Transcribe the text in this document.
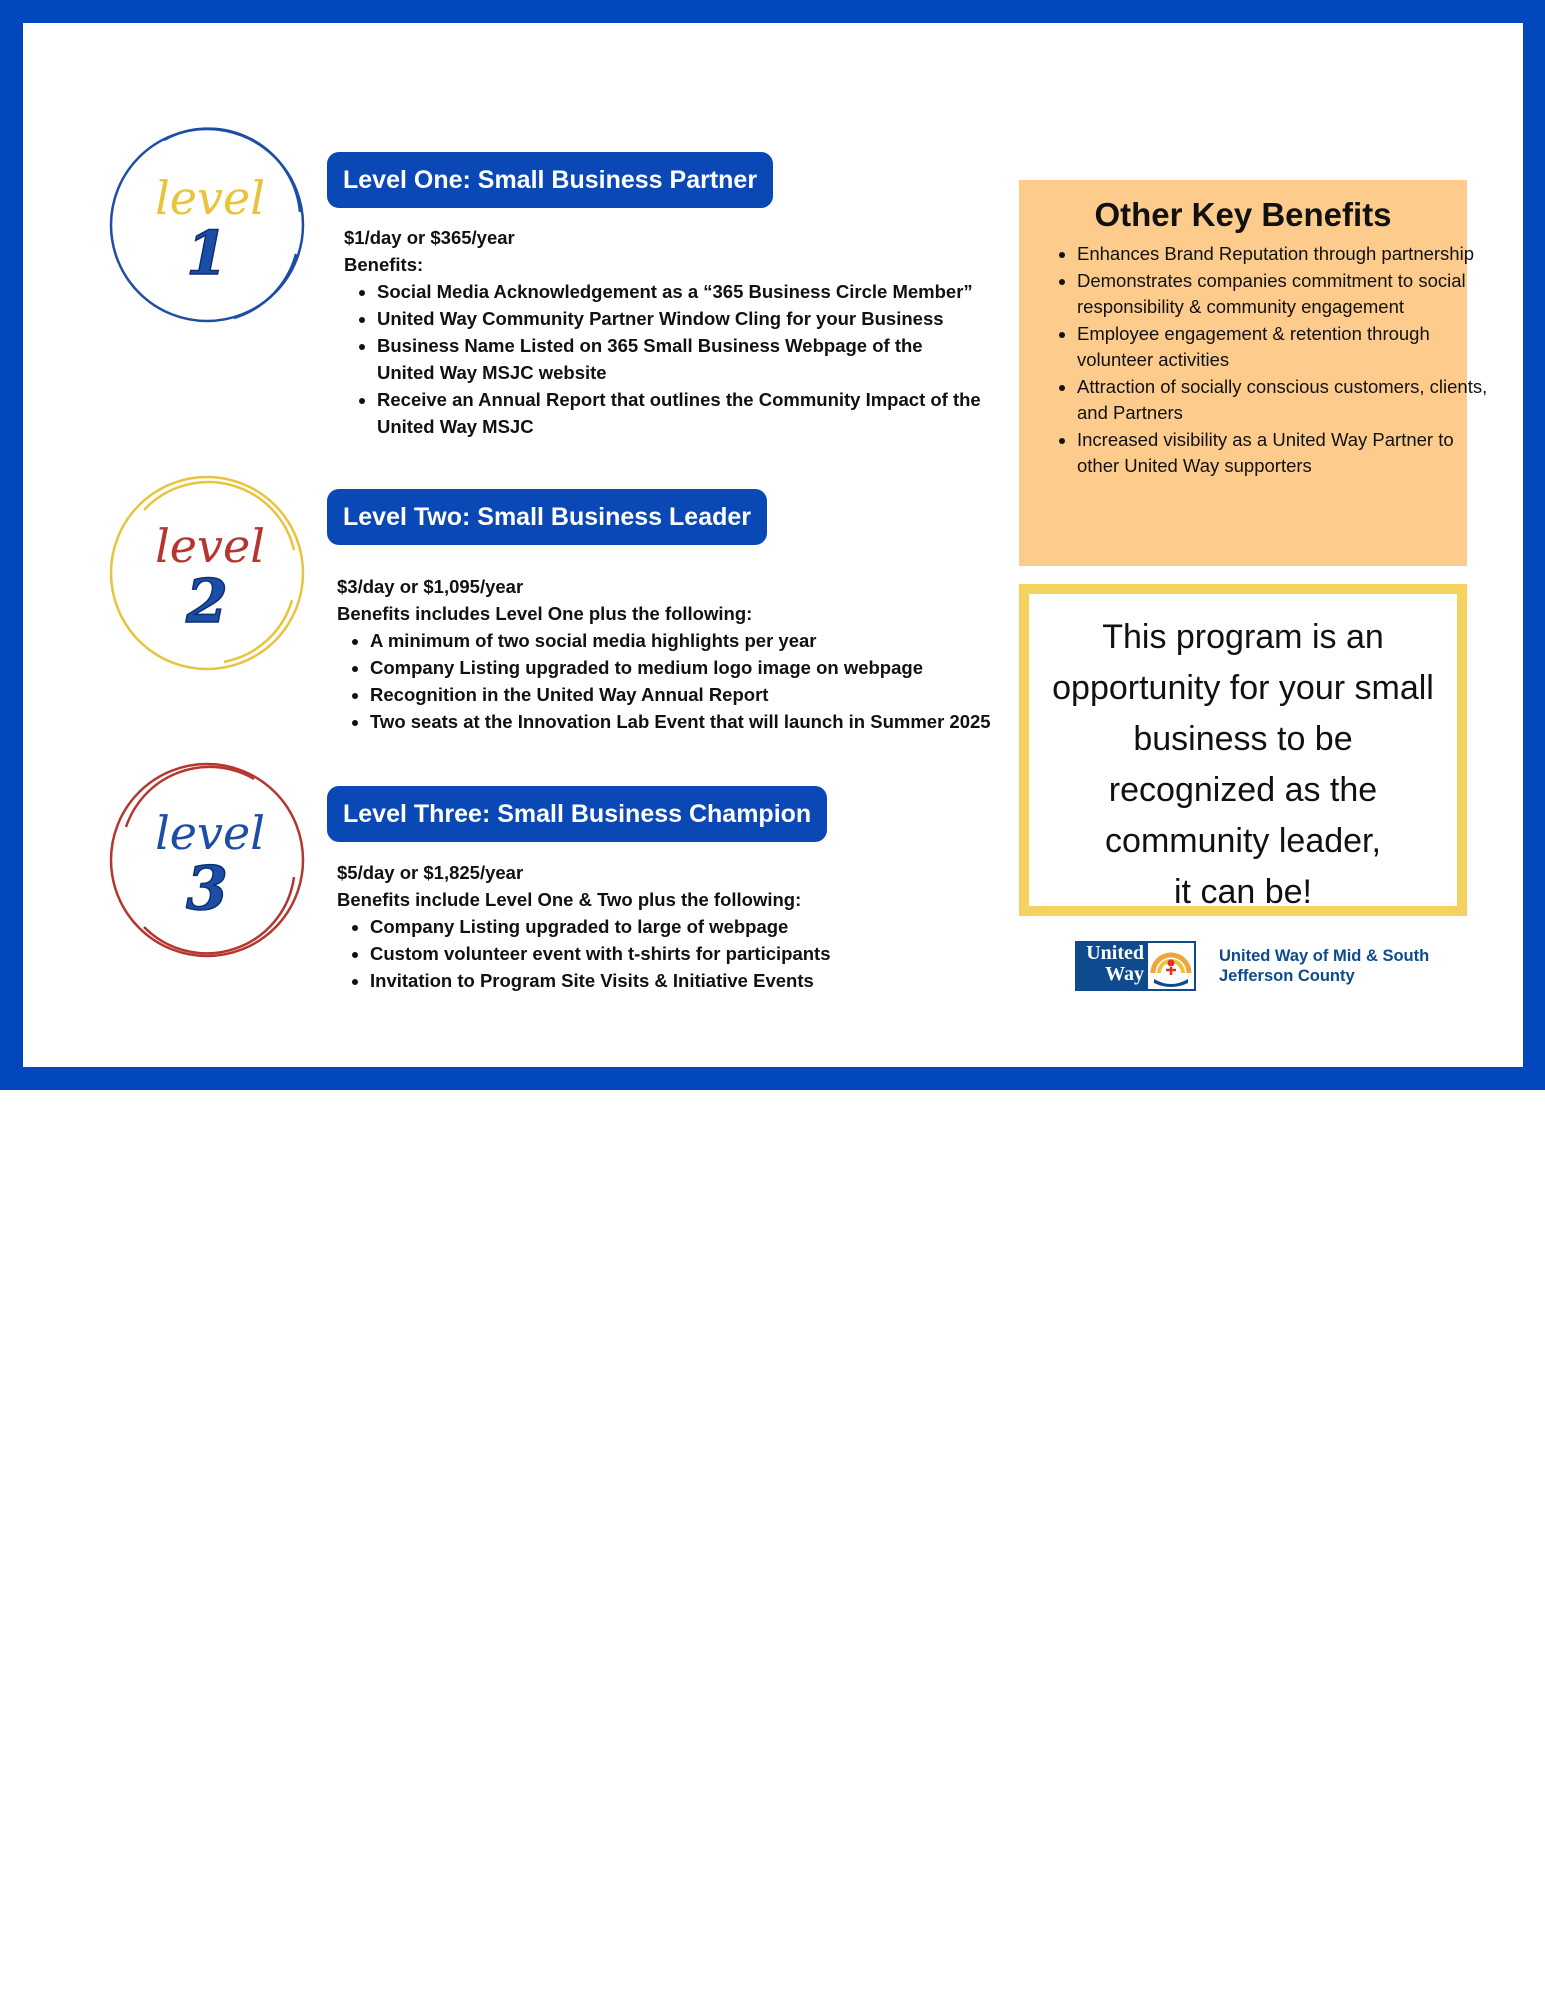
level
1
Level One: Small Business Partner

$1/day or $365/year

Benefits:

• Social Media Acknowledgement as a “365 Business Circle Member”
• United Way Community Partner Window Cling for your Business
• Business Name Listed on 365 Small Business Webpage of the United Way MSJC website
• Receive an Annual Report that outlines the Community Impact of the United Way MSJC
level
2
Level Two: Small Business Leader

$3/day or $1,095/year

Benefits includes Level One plus the following:

• A minimum of two social media highlights per year
• Company Listing upgraded to medium logo image on webpage
• Recognition in the United Way Annual Report
• Two seats at the Innovation Lab Event that will launch in Summer 2025
level
3
Level Three: Small Business Champion

$5/day or $1,825/year

Benefits include Level One & Two plus the following:

• Company Listing upgraded to large of webpage
• Custom volunteer event with t-shirts for participants
• Invitation to Program Site Visits & Initiative Events
Other Key Benefits
• Enhances Brand Reputation through partnership
• Demonstrates companies commitment to social responsibility & community engagement
• Employee engagement & retention through volunteer activities
• Attraction of socially conscious customers, clients, and Partners
• Increased visibility as a United Way Partner to other United Way supporters
This program is an
opportunity for your small
business to be
recognized as the
community leader,
it can be!
United
Way
United Way of Mid & South
Jefferson County
